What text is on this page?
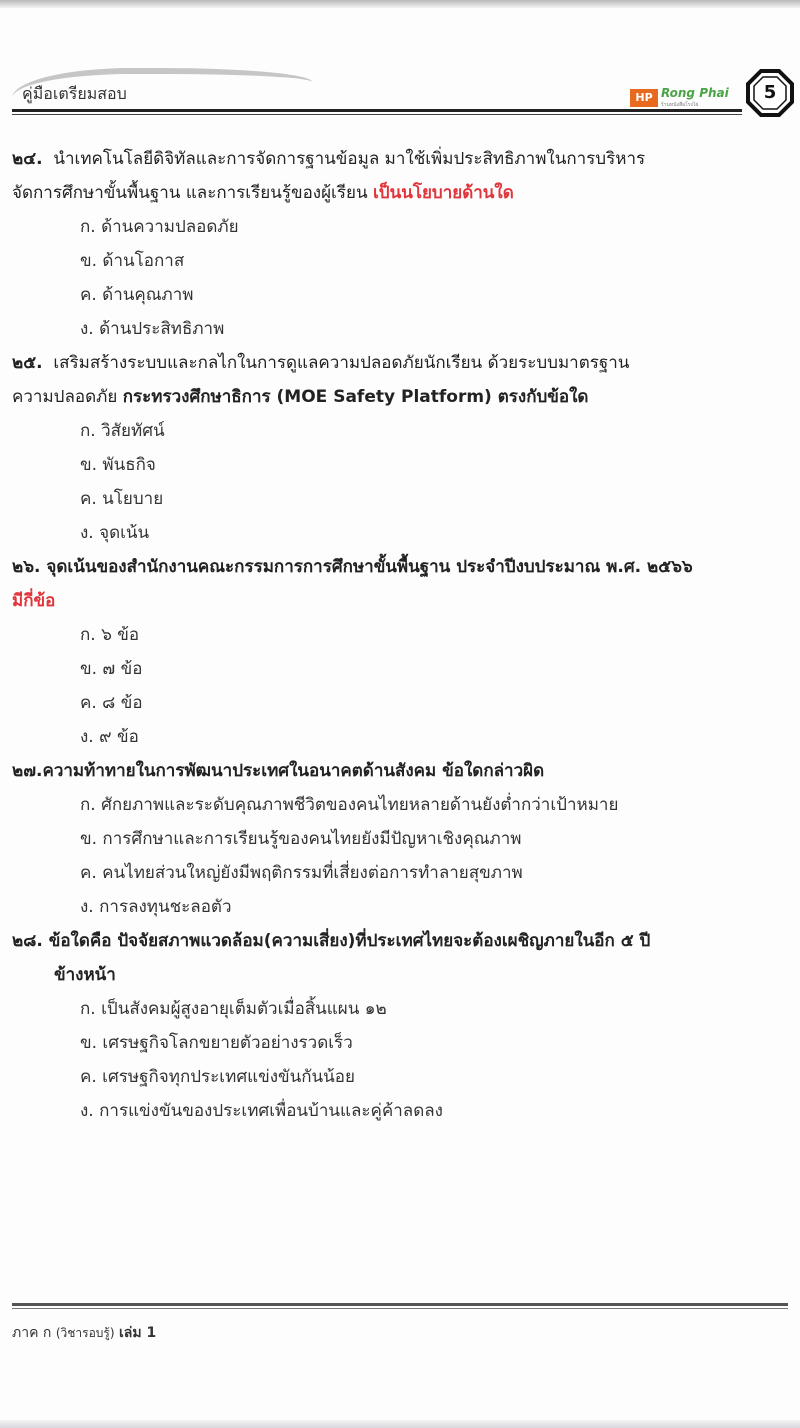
คู่มือเตรียมสอบ	HP Rong Phai
ร้านหนังสือโรงไผ่
5
๒๔. นำเทคโนโลยีดิจิทัลและการจัดการฐานข้อมูล มาใช้เพิ่มประสิทธิภาพในการบริหาร
จัดการศึกษาขั้นพื้นฐาน และการเรียนรู้ของผู้เรียน เป็นนโยบายด้านใด
ก. ด้านความปลอดภัย
ข. ด้านโอกาส
ค. ด้านคุณภาพ
ง. ด้านประสิทธิภาพ
๒๕. เสริมสร้างระบบและกลไกในการดูแลความปลอดภัยนักเรียน ด้วยระบบมาตรฐาน
ความปลอดภัย กระทรวงศึกษาธิการ (MOE Safety Platform) ตรงกับข้อใด
ก. วิสัยทัศน์
ข. พันธกิจ
ค. นโยบาย
ง. จุดเน้น
๒๖. จุดเน้นของสำนักงานคณะกรรมการการศึกษาขั้นพื้นฐาน ประจำปีงบประมาณ พ.ศ. ๒๕๖๖
มีกี่ข้อ
ก. ๖ ข้อ
ข. ๗ ข้อ
ค. ๘ ข้อ
ง. ๙ ข้อ
๒๗.ความท้าทายในการพัฒนาประเทศในอนาคตด้านสังคม ข้อใดกล่าวผิด
ก. ศักยภาพและระดับคุณภาพชีวิตของคนไทยหลายด้านยังต่ำกว่าเป้าหมาย
ข. การศึกษาและการเรียนรู้ของคนไทยยังมีปัญหาเชิงคุณภาพ
ค. คนไทยส่วนใหญ่ยังมีพฤติกรรมที่เสี่ยงต่อการทำลายสุขภาพ
ง. การลงทุนชะลอตัว
๒๘. ข้อใดคือ ปัจจัยสภาพแวดล้อม(ความเสี่ยง)ที่ประเทศไทยจะต้องเผชิญภายในอีก ๕ ปี
ข้างหน้า
ก. เป็นสังคมผู้สูงอายุเต็มตัวเมื่อสิ้นแผน ๑๒
ข. เศรษฐกิจโลกขยายตัวอย่างรวดเร็ว
ค. เศรษฐกิจทุกประเทศแข่งขันกันน้อย
ง. การแข่งขันของประเทศเพื่อนบ้านและคู่ค้าลดลง
ภาค ก (วิชารอบรู้) เล่ม 1
